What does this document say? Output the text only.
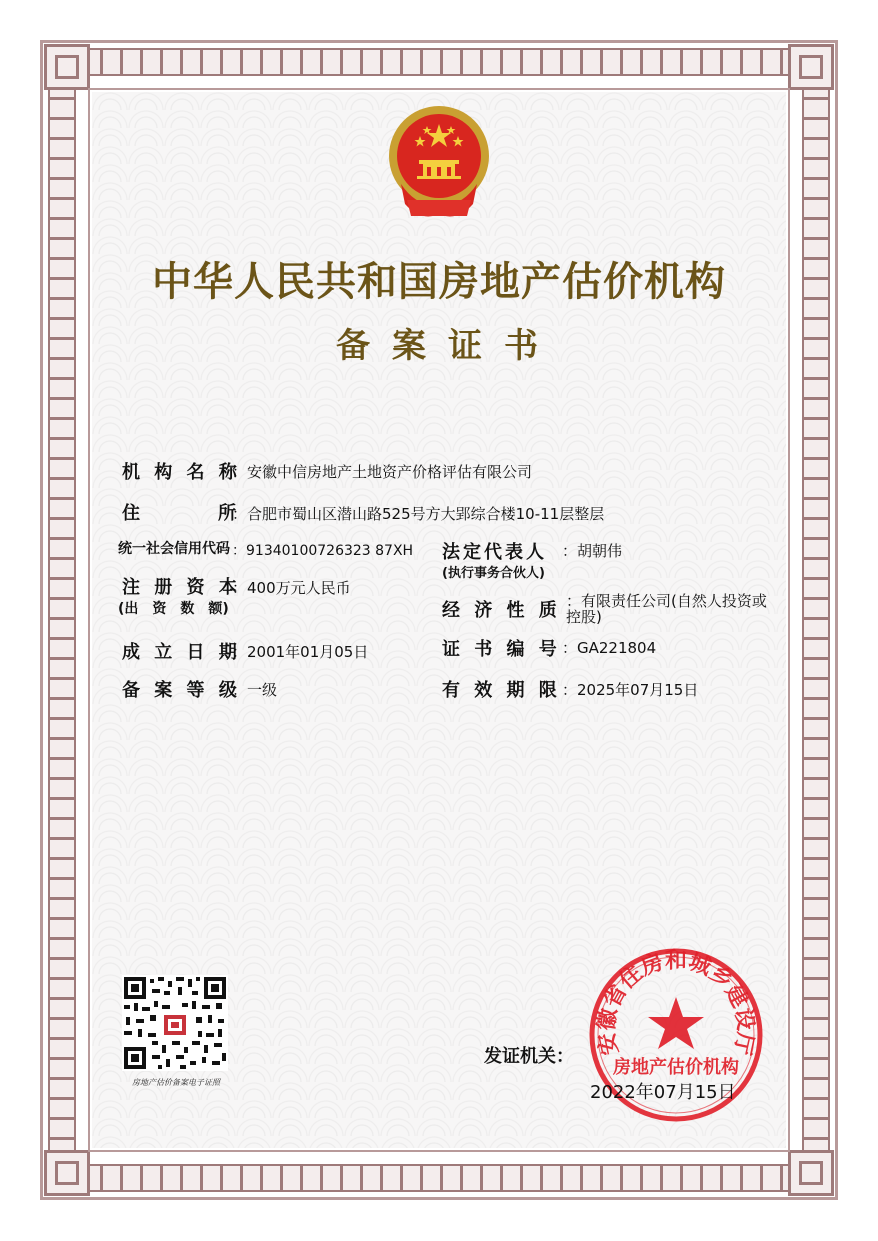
中华人民共和国房地产估价机构
备案证书
机 构 名 称
：安徽中信房地产土地资产价格评估有限公司
住　　　所
：合肥市蜀山区潜山路525号方大郢综合楼10-11层整层
统一社会信用代码 ：91340100726323 87XH 法定代表人
(执行事务合伙人)
：胡朝伟
注 册 资 本
(出　资　数　额)
：400万元人民币
经 济 性 质 ：有限责任公司(自然人投资或控股)
成 立 日 期
：2001年01月05日	证 书 编 号 ：GA221804
备 案 等 级
：一级	有 效 期 限 ：2025年07月15日
房地产估价备案电子证照
发证机关： 安徽省住房和城乡建设厅
房地产估价机构
2022年07月15日
